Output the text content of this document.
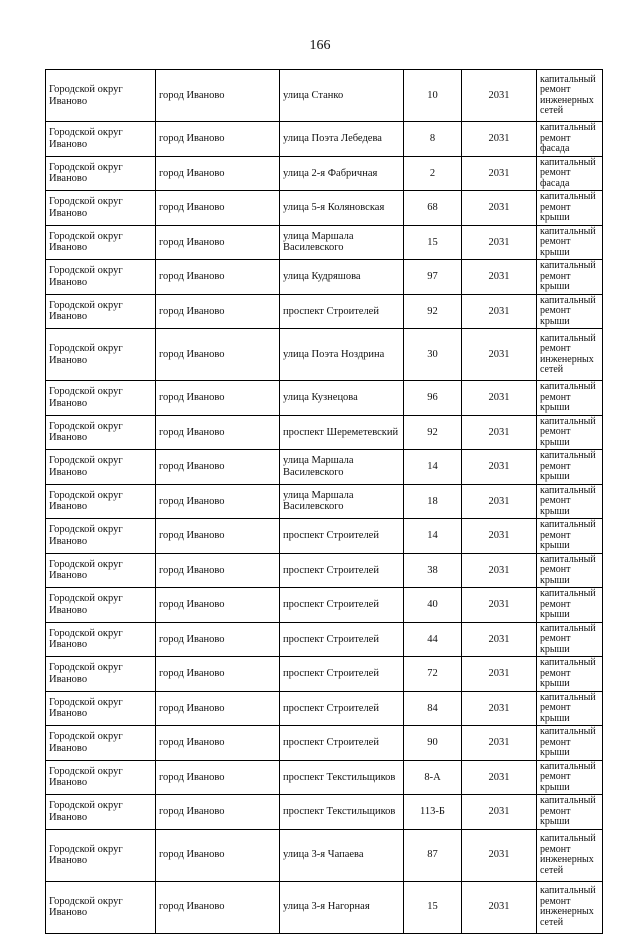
166
Городской округ Иваново	город Иваново	улица Станко	10	2031	капитальный ремонт инженерных сетей
Городской округ Иваново	город Иваново	улица Поэта Лебедева	8	2031	капитальный ремонт фасада
Городской округ Иваново	город Иваново	улица 2-я Фабричная	2	2031	капитальный ремонт фасада
Городской округ Иваново	город Иваново	улица 5-я Коляновская	68	2031	капитальный ремонт крыши
Городской округ Иваново	город Иваново	улица Маршала Василевского	15	2031	капитальный ремонт крыши
Городской округ Иваново	город Иваново	улица Кудряшова	97	2031	капитальный ремонт крыши
Городской округ Иваново	город Иваново	проспект Строителей	92	2031	капитальный ремонт крыши
Городской округ Иваново	город Иваново	улица Поэта Ноздрина	30	2031	капитальный ремонт инженерных сетей
Городской округ Иваново	город Иваново	улица Кузнецова	96	2031	капитальный ремонт крыши
Городской округ Иваново	город Иваново	проспект Шереметевский	92	2031	капитальный ремонт крыши
Городской округ Иваново	город Иваново	улица Маршала Василевского	14	2031	капитальный ремонт крыши
Городской округ Иваново	город Иваново	улица Маршала Василевского	18	2031	капитальный ремонт крыши
Городской округ Иваново	город Иваново	проспект Строителей	14	2031	капитальный ремонт крыши
Городской округ Иваново	город Иваново	проспект Строителей	38	2031	капитальный ремонт крыши
Городской округ Иваново	город Иваново	проспект Строителей	40	2031	капитальный ремонт крыши
Городской округ Иваново	город Иваново	проспект Строителей	44	2031	капитальный ремонт крыши
Городской округ Иваново	город Иваново	проспект Строителей	72	2031	капитальный ремонт крыши
Городской округ Иваново	город Иваново	проспект Строителей	84	2031	капитальный ремонт крыши
Городской округ Иваново	город Иваново	проспект Строителей	90	2031	капитальный ремонт крыши
Городской округ Иваново	город Иваново	проспект Текстильщиков	8-А	2031	капитальный ремонт крыши
Городской округ Иваново	город Иваново	проспект Текстильщиков	113-Б	2031	капитальный ремонт крыши
Городской округ Иваново	город Иваново	улица 3-я Чапаева	87	2031	капитальный ремонт инженерных сетей
Городской округ Иваново	город Иваново	улица 3-я Нагорная	15	2031	капитальный ремонт инженерных сетей
